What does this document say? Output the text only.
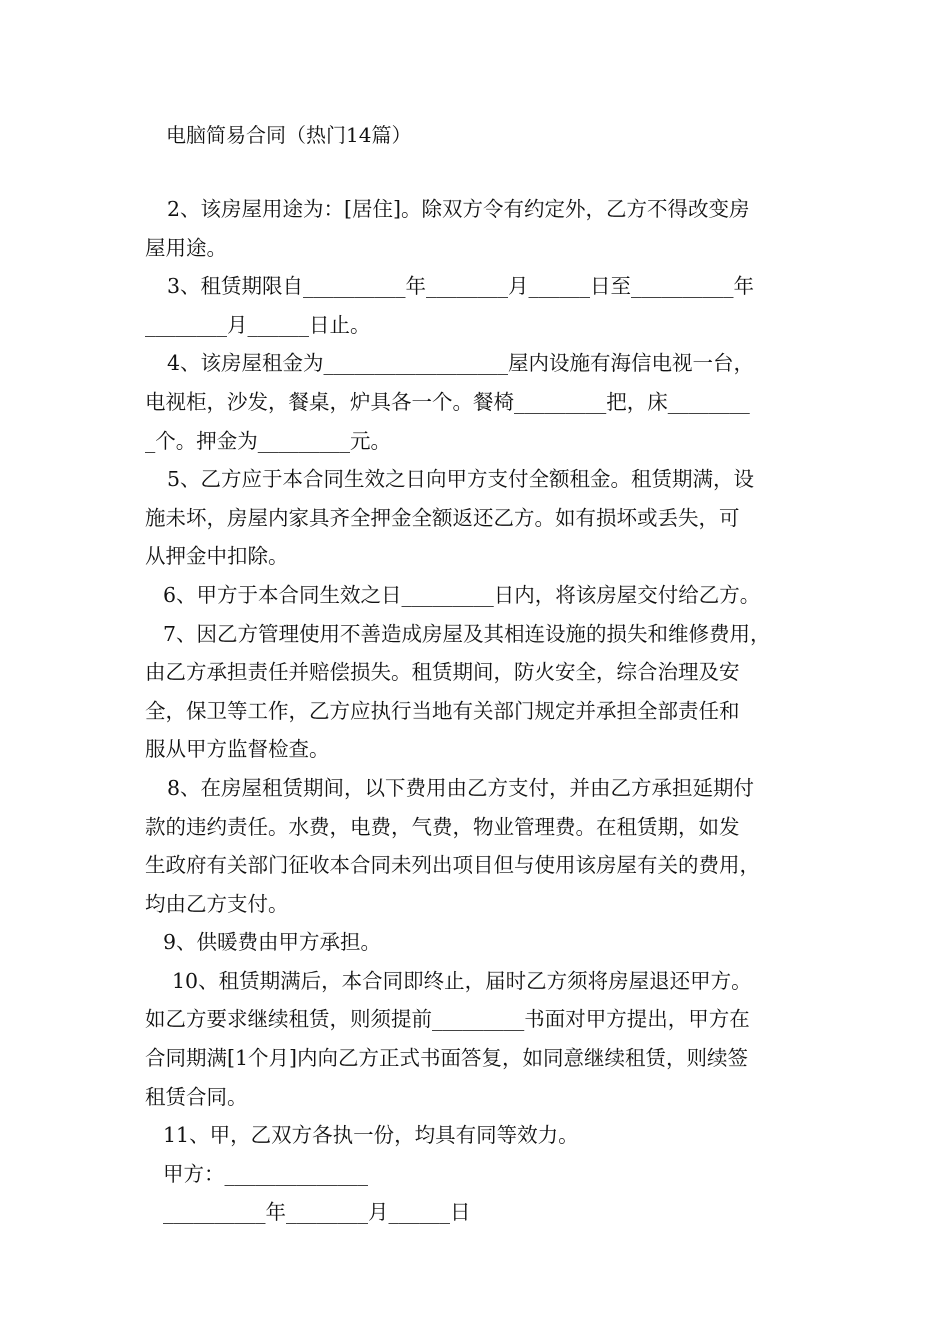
电脑简易合同（热门14篇）
2、该房屋用途为：[居住]。除双方令有约定外，乙方不得改变房
屋用途。
3、租赁期限自__________年________月______日至__________年
________月______日止。
4、该房屋租金为__________________屋内设施有海信电视一台，
电视柜，沙发，餐桌，炉具各一个。餐椅_________把，床________
_个。押金为_________元。
5、乙方应于本合同生效之日向甲方支付全额租金。租赁期满，设
施未坏，房屋内家具齐全押金全额返还乙方。如有损坏或丢失，可
从押金中扣除。
6、甲方于本合同生效之日_________日内，将该房屋交付给乙方。
7、因乙方管理使用不善造成房屋及其相连设施的损失和维修费用，
由乙方承担责任并赔偿损失。租赁期间，防火安全，综合治理及安
全，保卫等工作，乙方应执行当地有关部门规定并承担全部责任和
服从甲方监督检查。
8、在房屋租赁期间，以下费用由乙方支付，并由乙方承担延期付
款的违约责任。水费，电费，气费，物业管理费。在租赁期，如发
生政府有关部门征收本合同未列出项目但与使用该房屋有关的费用，
均由乙方支付。
9、供暖费由甲方承担。
10、租赁期满后，本合同即终止，届时乙方须将房屋退还甲方。
如乙方要求继续租赁，则须提前_________书面对甲方提出，甲方在
合同期满[1个月]内向乙方正式书面答复，如同意继续租赁，则续签
租赁合同。
11、甲，乙双方各执一份，均具有同等效力。
甲方：______________
__________年________月______日
